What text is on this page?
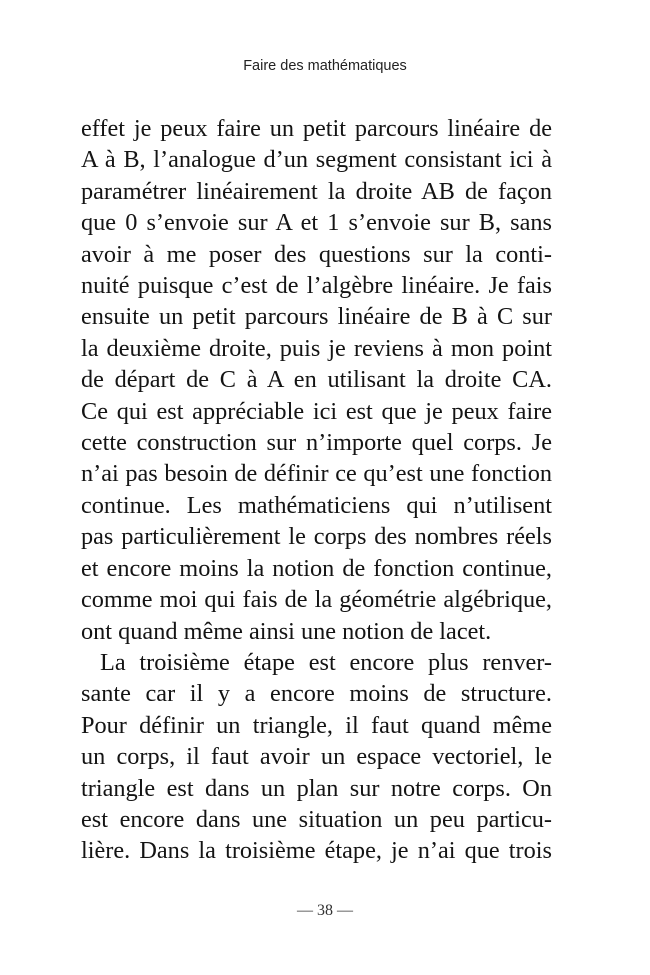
Faire des mathématiques
effet je peux faire un petit parcours linéaire de
A à B, l’analogue d’un segment consistant ici à
paramétrer linéairement la droite AB de façon
que 0 s’envoie sur A et 1 s’envoie sur B, sans
avoir à me poser des questions sur la conti-
nuité puisque c’est de l’algèbre linéaire. Je fais
ensuite un petit parcours linéaire de B à C sur
la deuxième droite, puis je reviens à mon point
de départ de C à A en utilisant la droite CA.
Ce qui est appréciable ici est que je peux faire
cette construction sur n’importe quel corps. Je
n’ai pas besoin de définir ce qu’est une fonction
continue. Les mathématiciens qui n’utilisent
pas particulièrement le corps des nombres réels
et encore moins la notion de fonction continue,
comme moi qui fais de la géométrie algébrique,
ont quand même ainsi une notion de lacet.
La troisième étape est encore plus renver-
sante car il y a encore moins de structure.
Pour définir un triangle, il faut quand même
un corps, il faut avoir un espace vectoriel, le
triangle est dans un plan sur notre corps. On
est encore dans une situation un peu particu-
lière. Dans la troisième étape, je n’ai que trois
— 38 —
